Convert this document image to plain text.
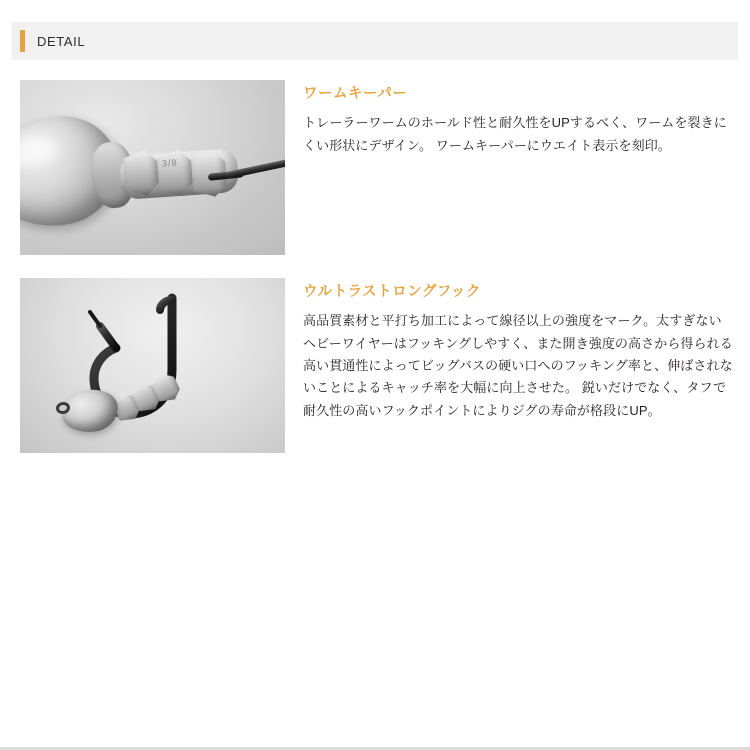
DETAIL
3/8
ワームキーパー

トレーラーワームのホールド性と耐久性をUPするべく、ワームを裂きにくい形状にデザイン。 ワームキーパーにウエイト表示を刻印。

ウルトラストロングフック

高品質素材と平打ち加工によって線径以上の強度をマーク。太すぎないヘビーワイヤーはフッキングしやすく、また開き強度の高さから得られる高い貫通性によってビッグバスの硬い口へのフッキング率と、伸ばされないことによるキャッチ率を大幅に向上させた。 鋭いだけでなく、タフで耐久性の高いフックポイントによりジグの寿命が格段にUP。
